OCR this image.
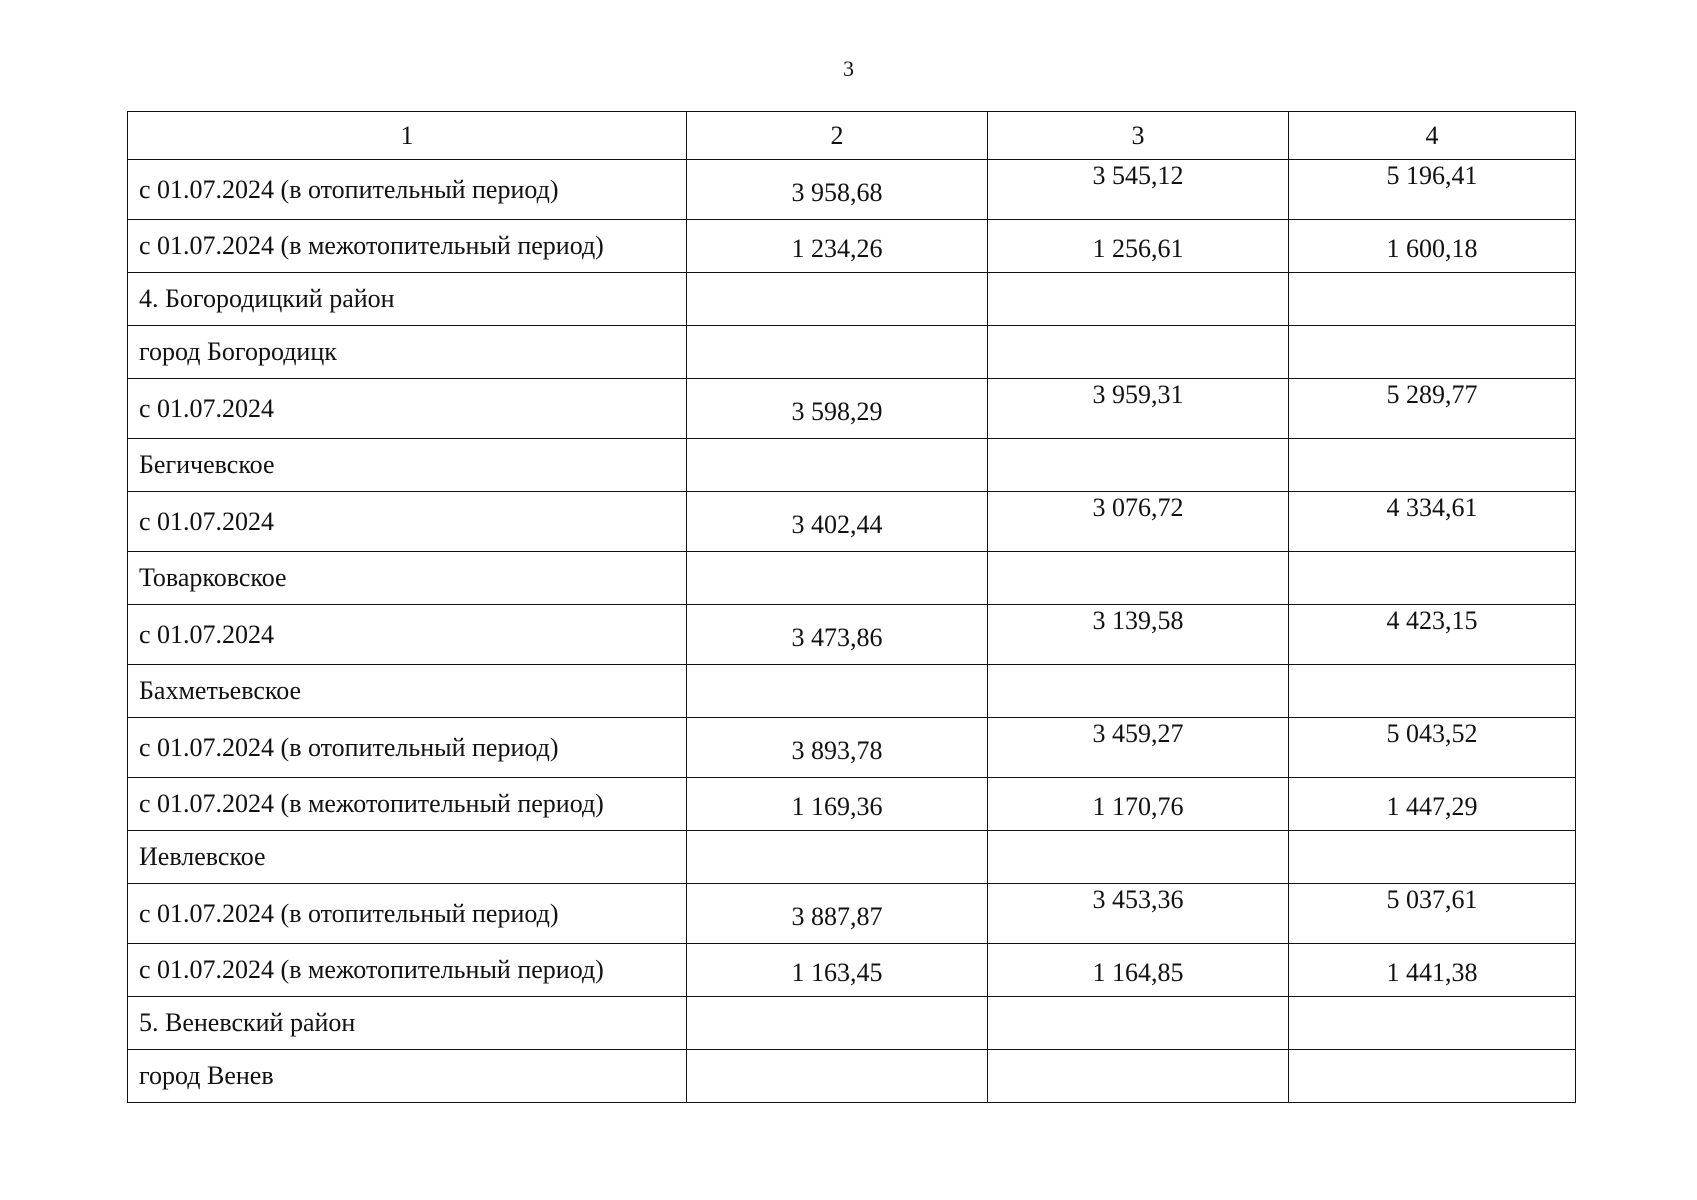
3
1	2	3	4
с 01.07.2024 (в отопительный период)	3 958,68	3 545,12	5 196,41
с 01.07.2024 (в межотопительный период)	1 234,26	1 256,61	1 600,18
4. Богородицкий район			
город Богородицк			
с 01.07.2024	3 598,29	3 959,31	5 289,77
Бегичевское			
с 01.07.2024	3 402,44	3 076,72	4 334,61
Товарковское			
с 01.07.2024	3 473,86	3 139,58	4 423,15
Бахметьевское			
с 01.07.2024 (в отопительный период)	3 893,78	3 459,27	5 043,52
с 01.07.2024 (в межотопительный период)	1 169,36	1 170,76	1 447,29
Иевлевское			
с 01.07.2024 (в отопительный период)	3 887,87	3 453,36	5 037,61
с 01.07.2024 (в межотопительный период)	1 163,45	1 164,85	1 441,38
5. Веневский район			
город Венев			
